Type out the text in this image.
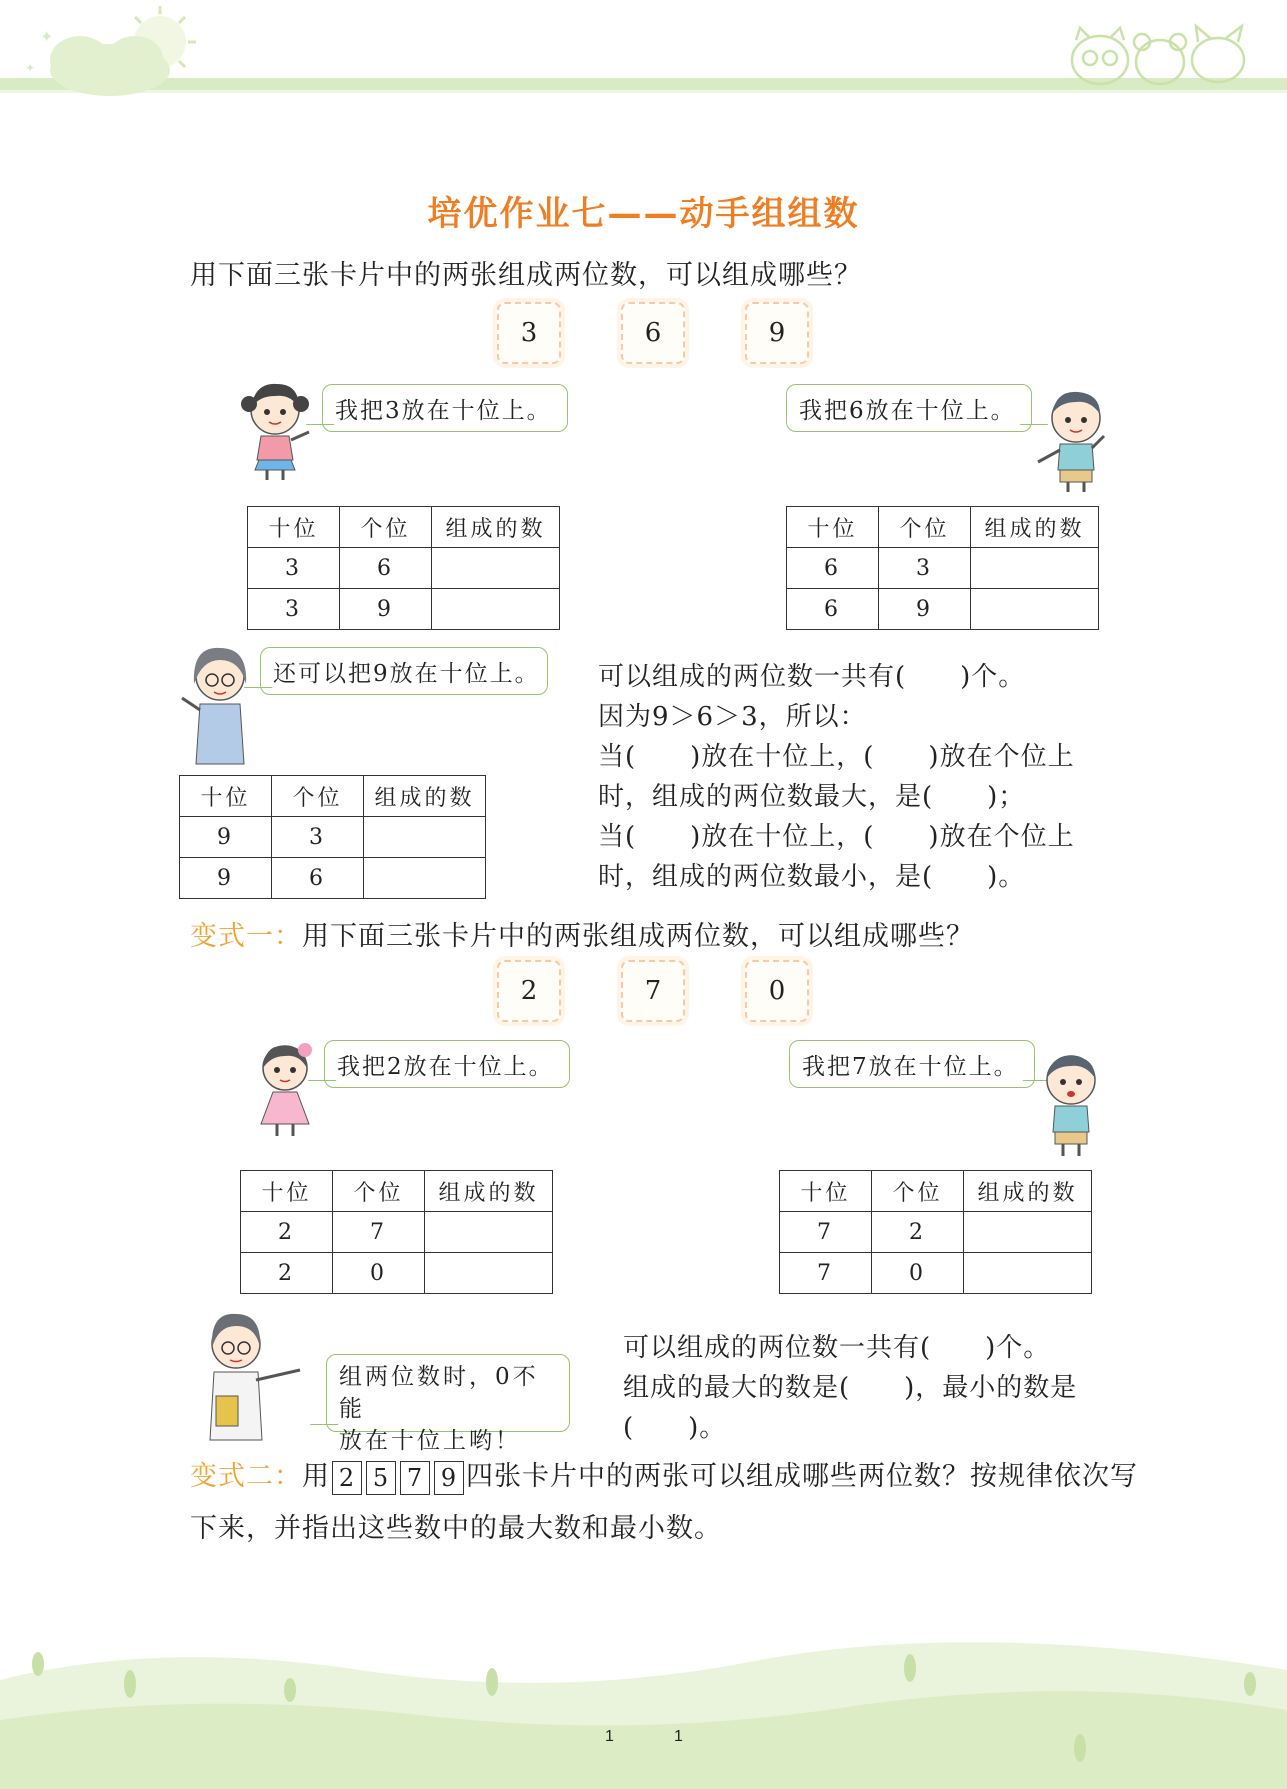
✦
✦
培优作业七——动手组组数
用下面三张卡片中的两张组成两位数，可以组成哪些？
3	6	9
我把3放在十位上。	我把6放在十位上。
十位	个位	组成的数
3	6	
3	9	
十位	个位	组成的数
6	3	
6	9	
还可以把9放在十位上。
十位	个位	组成的数
9	3	
9	6	
可以组成的两位数一共有(　　)个。
因为9＞6＞3，所以：
当(　　)放在十位上，(　　)放在个位上
时，组成的两位数最大，是(　　)；
当(　　)放在十位上，(　　)放在个位上
时，组成的两位数最小，是(　　)。
变式一：用下面三张卡片中的两张组成两位数，可以组成哪些？
2	7	0
我把2放在十位上。	我把7放在十位上。
十位	个位	组成的数
2	7	
2	0	
十位	个位	组成的数
7	2	
7	0	
组两位数时，0不能
放在十位上哟！
可以组成的两位数一共有(　　)个。
组成的最大的数是(　　)，最小的数是
(　　)。
变式二：用 2 5 7 9 四张卡片中的两张可以组成哪些两位数？按规律依次写
下来，并指出这些数中的最大数和最小数。
1	1
